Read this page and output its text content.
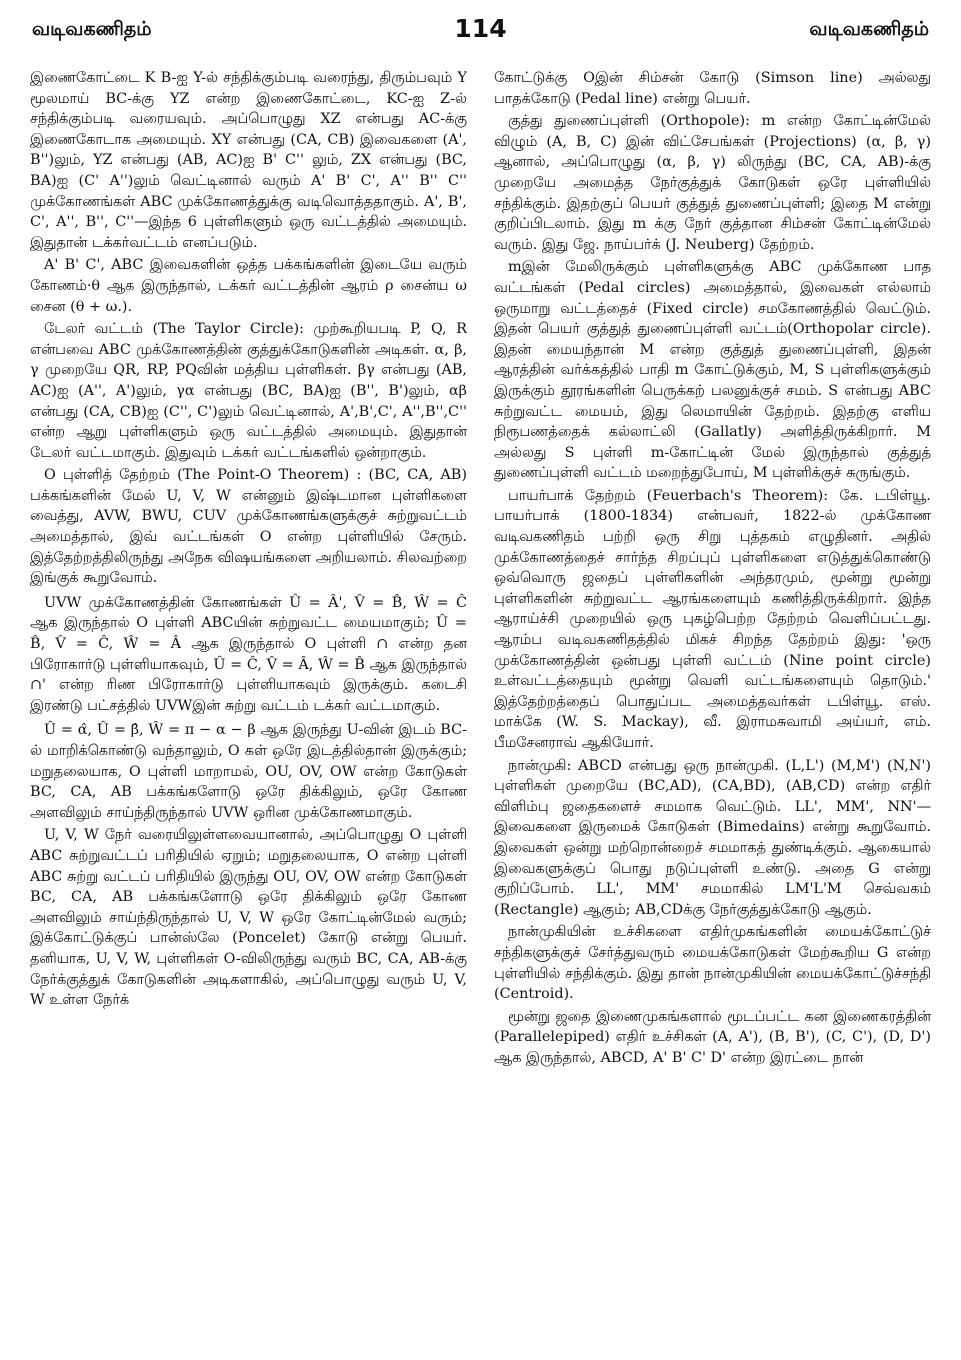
வடிவகணிதம்	114	வடிவகணிதம்

இணைகோட்டை K B-ஐ Y-ல் சந்திக்கும்படி வரைந்து, திரும்பவும் Y மூலமாய் BC-க்கு YZ என்ற இணைகோட்டை, KC-ஐ Z-ல் சந்திக்கும்படி வரையவும். அப்பொழுது XZ என்பது AC-க்கு இணைகோடாக அமையும். XY என்பது (CA, CB) இவைகளை (A', B'')லும், YZ என்பது (AB, AC)ஐ B' C'' லும், ZX என்பது (BC, BA)ஐ (C' A'')லும் வெட்டினால் வரும் A' B' C', A'' B'' C'' முக்கோணங்கள் ABC முக்கோணத்துக்கு வடிவொத்ததாகும். A', B', C', A'', B'', C''—இந்த 6 புள்ளிகளும் ஒரு வட்டத்தில் அமையும். இதுதான் டக்கர்வட்டம் எனப்படும்.

A' B' C', ABC இவைகளின் ஒத்த பக்கங்களின் இடையே வரும் கோணம்·θ ஆக இருந்தால், டக்கர் வட்டத்தின் ஆரம் ρ சைன்ய ω சைன (θ + ω.).

டேலர் வட்டம் (The Taylor Circle): முற்கூறியபடி P, Q, R என்பவை ABC முக்கோணத்தின் குத்துக்கோடுகளின் அடிகள். α, β, γ முறையே QR, RP, PQவின் மத்திய புள்ளிகள். βγ என்பது (AB, AC)ஐ (A'', A')லும், γα என்பது (BC, BA)ஐ (B'', B')லும், αβ என்பது (CA, CB)ஐ (C'', C')லும் வெட்டினால், A',B',C', A'',B'',C'' என்ற ஆறு புள்ளிகளும் ஒரு வட்டத்தில் அமையும். இதுதான் டேலர் வட்டமாகும். இதுவும் டக்கர் வட்டங்களில் ஒன்றாகும்.

O புள்ளித் தேற்றம் (The Point-O Theorem) : (BC, CA, AB) பக்கங்களின் மேல் U, V, W என்னும் இஷ்டமான புள்ளிகளை வைத்து, AVW, BWU, CUV முக்கோணங்களுக்குச் சுற்றுவட்டம் அமைத்தால், இவ் வட்டங்கள் O என்ற புள்ளியில் சேரும். இத்தேற்றத்திலிருந்து அநேக விஷயங்களை அறியலாம். சிலவற்றை இங்குக் கூறுவோம்.

UVW முக்கோணத்தின் கோணங்கள் Û = Â', V̂ = B̂, Ŵ = Ĉ ஆக இருந்தால் O புள்ளி ABCயின் சுற்றுவட்ட மையமாகும்; Û = B̂, V̂ = Ĉ, Ŵ = Â ஆக இருந்தால் O புள்ளி ∩ என்ற தன பிரோகார்டு புள்ளியாகவும், Û = Ĉ, V̂ = Â, Ŵ = B̂ ஆக இருந்தால் ∩' என்ற ரிண பிரோகார்டு புள்ளியாகவும் இருக்கும். கடைசி இரண்டு பட்சத்தில் UVWஇன் சுற்று வட்டம் டக்கர் வட்டமாகும்.

Û = α̂, Û = β̂, Ŵ = π − α − β ஆக இருந்து U-வின் இடம் BC-ல் மாறிக்கொண்டு வந்தாலும், O கள் ஒரே இடத்தில்தான் இருக்கும்; மறுதலையாக, O புள்ளி மாறாமல், OU, OV, OW என்ற கோடுகள் BC, CA, AB பக்கங்களோடு ஒரே திக்கிலும், ஒரே கோண அளவிலும் சாய்ந்திருந்தால் UVW ஒரின முக்கோணமாகும்.

U, V, W நேர் வரையிலுள்ளவையானால், அப்பொழுது O புள்ளி ABC சுற்றுவட்டப் பரிதியில் ஏறும்; மறுதலையாக, O என்ற புள்ளி ABC சுற்று வட்டப் பரிதியில் இருந்து OU, OV, OW என்ற கோடுகள் BC, CA, AB பக்கங்களோடு ஒரே திக்கிலும் ஒரே கோண அளவிலும் சாய்ந்திருந்தால் U, V, W ஒரே கோட்டின்மேல் வரும்; இக்கோட்டுக்குப் பான்ஸ்லே (Poncelet) கோடு என்று பெயர். தனியாக, U, V, W, புள்ளிகள் O-விலிருந்து வரும் BC, CA, AB-க்கு நேர்க்குத்துக் கோடுகளின் அடிகளாகில், அப்பொழுது வரும் U, V, W உள்ள நேர்க்

கோட்டுக்கு Oஇன் சிம்சன் கோடு (Simson line) அல்லது பாதக்கோடு (Pedal line) என்று பெயர்.

குத்து துணைப்புள்ளி (Orthopole): m என்ற கோட்டின்மேல் விழும் (A, B, C) இன் விட்சேபங்கள் (Projections) (α, β, γ) ஆனால், அப்பொழுது (α, β, γ) லிருந்து (BC, CA, AB)-க்கு முறையே அமைத்த நேர்குத்துக் கோடுகள் ஒரே புள்ளியில் சந்திக்கும். இதற்குப் பெயர் குத்துத் துணைப்புள்ளி; இதை M என்று குறிப்பிடலாம். இது m க்கு நேர் குத்தான சிம்சன் கோட்டின்மேல் வரும். இது ஜே. நாய்பர்க் (J. Neuberg) தேற்றம்.

mஇன் மேலிருக்கும் புள்ளிகளுக்கு ABC முக்கோண பாத வட்டங்கள் (Pedal circles) அமைத்தால், இவைகள் எல்லாம் ஒருமாறு வட்டத்தைச் (Fixed circle) சமகோணத்தில் வெட்டும். இதன் பெயர் குத்துத் துணைப்புள்ளி வட்டம்(Orthopolar circle). இதன் மையந்தான் M என்ற குத்துத் துணைப்புள்ளி, இதன் ஆரத்தின் வர்க்கத்தில் பாதி m கோட்டுக்கும், M, S புள்ளிகளுக்கும் இருக்கும் தூரங்களின் பெருக்கற் பலனுக்குச் சமம். S என்பது ABC சுற்றுவட்ட மையம், இது லெமாயின் தேற்றம். இதற்கு எளிய நிரூபணத்தைக் கல்லாட்லி (Gallatly) அளித்திருக்கிறார். M அல்லது S புள்ளி m-கோட்டின் மேல் இருந்தால் குத்துத் துணைப்புள்ளி வட்டம் மறைந்துபோய், M புள்ளிக்குச் சுருங்கும்.

பாயர்பாக் தேற்றம் (Feuerbach's Theorem): கே. டபிள்யூ. பாயர்பாக் (1800-1834) என்பவர், 1822-ல் முக்கோண வடிவகணிதம் பற்றி ஒரு சிறு புத்தகம் எழுதினர். அதில் முக்கோணத்தைச் சார்ந்த சிறப்புப் புள்ளிகளை எடுத்துக்கொண்டு ஒவ்வொரு ஜதைப் புள்ளிகளின் அந்தரமும், மூன்று மூன்று புள்ளிகளின் சுற்றுவட்ட ஆரங்களையும் கணித்திருக்கிறார். இந்த ஆராய்ச்சி முறையில் ஒரு புகழ்பெற்ற தேற்றம் வெளிப்பட்டது. ஆரம்ப வடிவகணிதத்தில் மிகச் சிறந்த தேற்றம் இது: 'ஒரு முக்கோணத்தின் ஒன்பது புள்ளி வட்டம் (Nine point circle) உள்வட்டத்தையும் மூன்று வெளி வட்டங்களையும் தொடும்.' இத்தேற்றத்தைப் பொதுப்பட அமைத்தவர்கள் டபிள்யூ. எஸ். மாக்கே (W. S. Mackay), வீ. இராமசுவாமி அய்யர், எம். பீமசேனராவ் ஆகியோர்.

நான்முகி: ABCD என்பது ஒரு நான்முகி. (L,L') (M,M') (N,N') புள்ளிகள் முறையே (BC,AD), (CA,BD), (AB,CD) என்ற எதிர் விளிம்பு ஜதைகளைச் சமமாக வெட்டும். LL', MM', NN'—இவைகளை இருமைக் கோடுகள் (Bimedains) என்று கூறுவோம். இவைகள் ஒன்று மற்றொன்றைச் சமமாகத் துண்டிக்கும். ஆகையால் இவைகளுக்குப் பொது நடுப்புள்ளி உண்டு. அதை G என்று குறிப்போம். LL', MM' சமமாகில் LM'L'M செவ்வகம் (Rectangle) ஆகும்; AB,CDக்கு நேர்குத்துக்கோடு ஆகும்.

நான்முகியின் உச்சிகளை எதிர்முகங்களின் மையக்கோட்டுச் சந்திகளுக்குச் சேர்த்துவரும் மையக்கோடுகள் மேற்கூறிய G என்ற புள்ளியில் சந்திக்கும். இது தான் நான்முகியின் மையக்கோட்டுச்சந்தி (Centroid).

மூன்று ஜதை இணைமுகங்களால் மூடப்பட்ட கன இணைகரத்தின் (Parallelepiped) எதிர் உச்சிகள் (A, A'), (B, B'), (C, C'), (D, D') ஆக இருந்தால், ABCD, A' B' C' D' என்ற இரட்டை நான்
